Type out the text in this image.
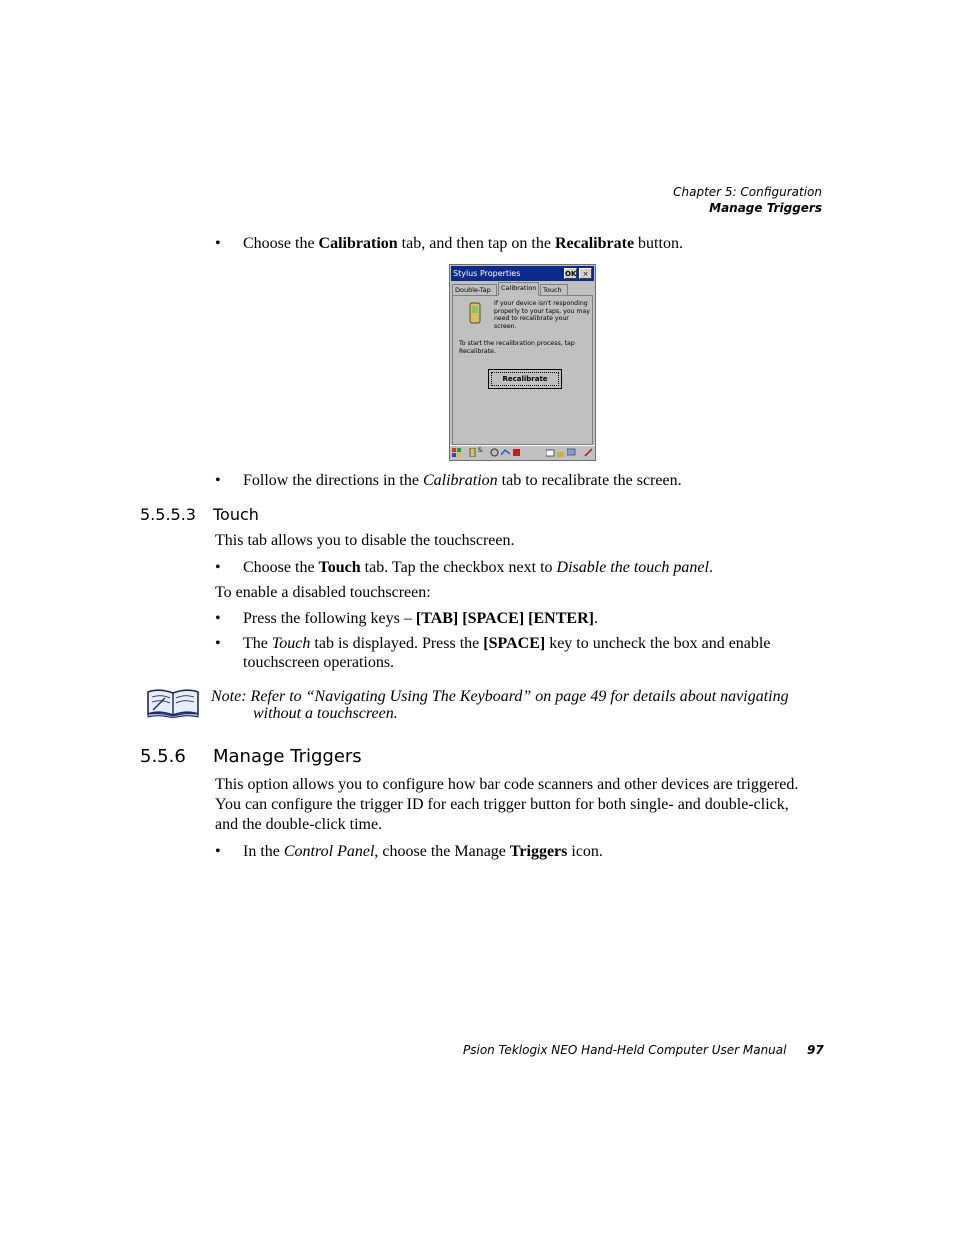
Chapter 5: Configuration
Manage Triggers
• Choose the Calibration tab, and then tap on the Recalibrate button.
Stylus Properties	OK ×
Double-Tap	Calibration	Touch
If your device isn't responding properly to your taps, you may need to recalibrate your screen.
To start the recalibration process, tap Recalibrate.
Recalibrate
S.
• Follow the directions in the Calibration tab to recalibrate the screen.
5.5.5.3 Touch
This tab allows you to disable the touchscreen.
• Choose the Touch tab. Tap the checkbox next to Disable the touch panel.
To enable a disabled touchscreen:
• Press the following keys – [TAB] [SPACE] [ENTER].
• The Touch tab is displayed. Press the [SPACE] key to uncheck the box and enable
touchscreen operations.
Note: Refer to “Navigating Using The Keyboard” on page 49 for details about navigating
without a touchscreen.
5.5.6 Manage Triggers
This option allows you to configure how bar code scanners and other devices are triggered.
You can configure the trigger ID for each trigger button for both single- and double-click,
and the double-click time.
• In the Control Panel, choose the Manage Triggers icon.
Psion Teklogix NEO Hand-Held Computer User Manual 97
